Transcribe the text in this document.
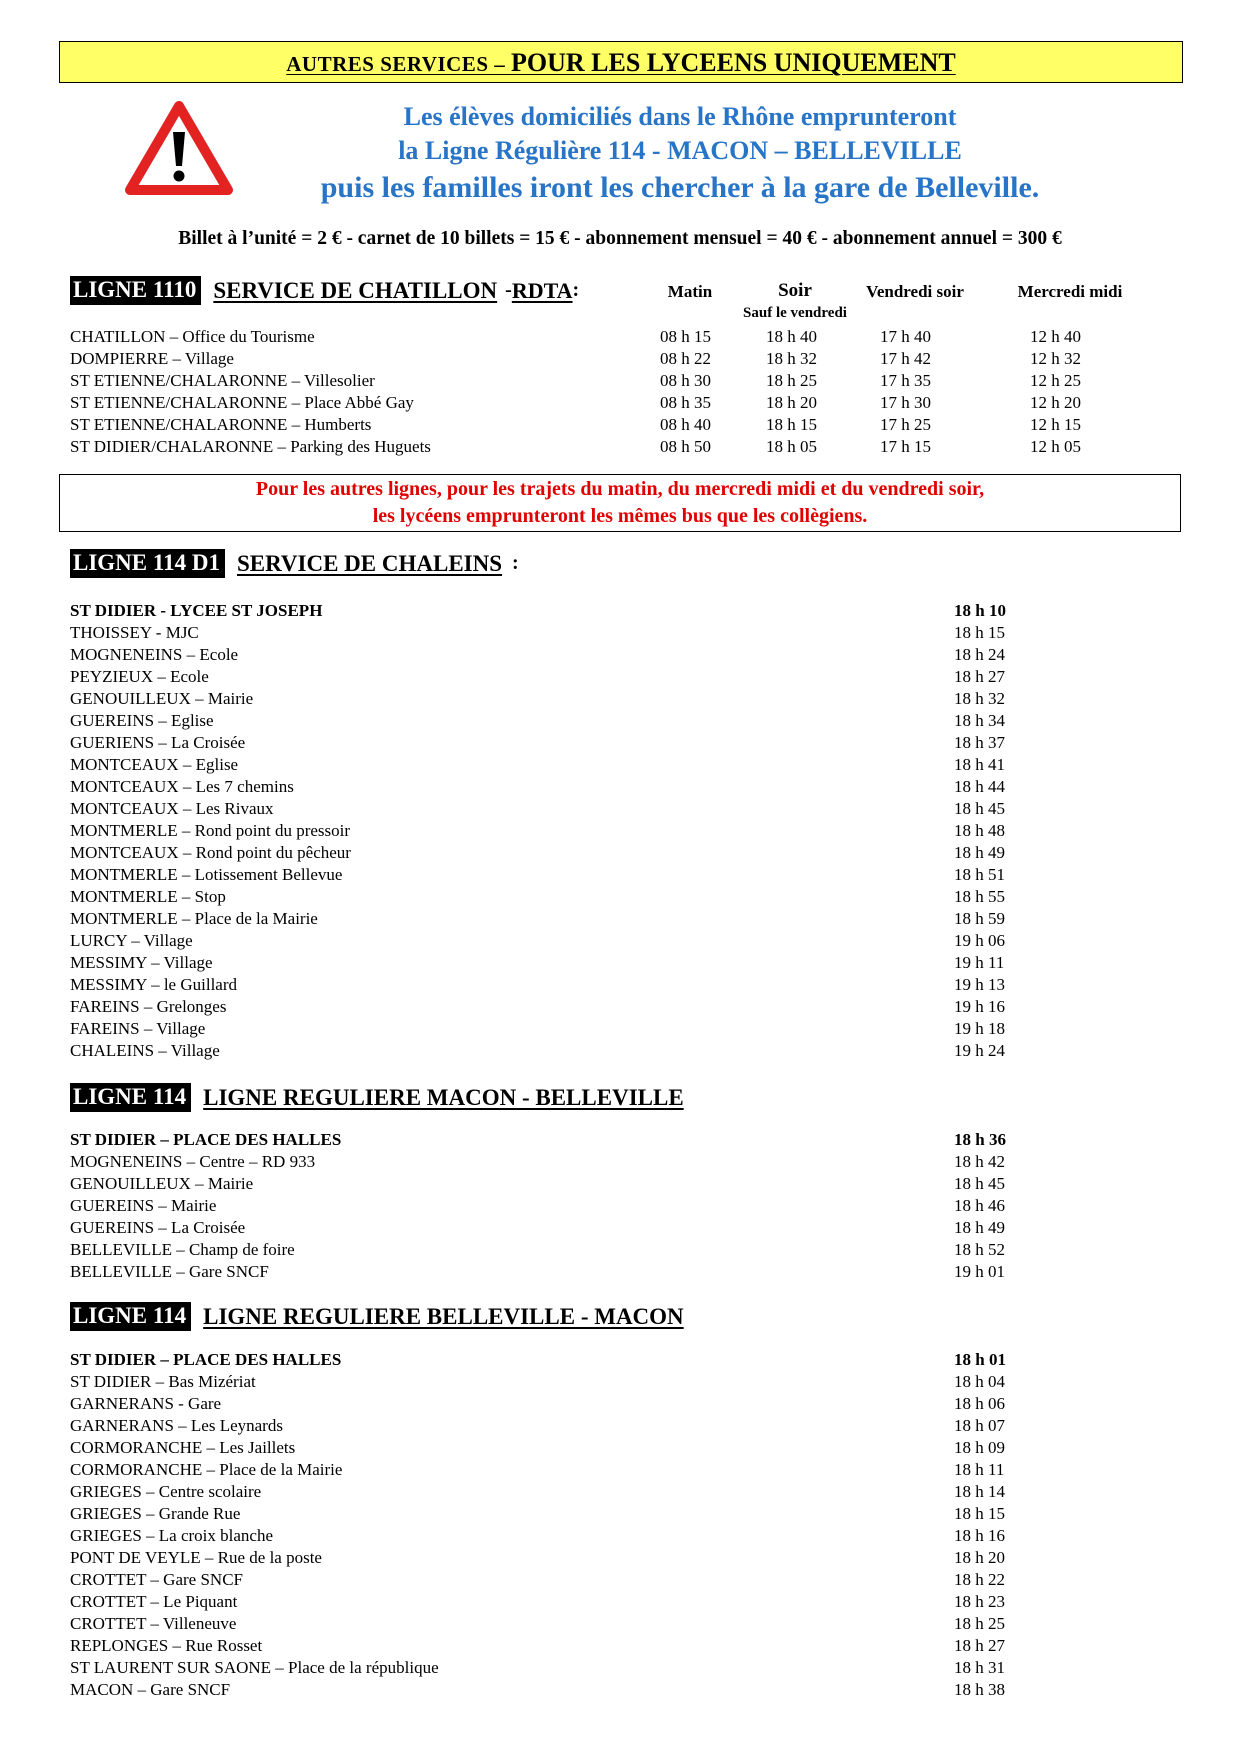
AUTRES SERVICES – POUR LES LYCEENS UNIQUEMENT
Les élèves domiciliés dans le Rhône emprunteront
la Ligne Régulière 114 - MACON – BELLEVILLE
puis les familles iront les chercher à la gare de Belleville.
Billet à l’unité = 2 € - carnet de 10 billets = 15 € - abonnement mensuel = 40 € - abonnement annuel = 300 €
LIGNE 1110 SERVICE DE CHATILLON - RDTA :	Matin	Soir
Sauf le vendredi
Vendredi soir	Mercredi midi
CHATILLON – Office du Tourisme	08 h 15	18 h 40	17 h 40	12 h 40
DOMPIERRE – Village	08 h 22	18 h 32	17 h 42	12 h 32
ST ETIENNE/CHALARONNE – Villesolier	08 h 30	18 h 25	17 h 35	12 h 25
ST ETIENNE/CHALARONNE – Place Abbé Gay	08 h 35	18 h 20	17 h 30	12 h 20
ST ETIENNE/CHALARONNE – Humberts	08 h 40	18 h 15	17 h 25	12 h 15
ST DIDIER/CHALARONNE – Parking des Huguets	08 h 50	18 h 05	17 h 15	12 h 05
Pour les autres lignes, pour les trajets du matin, du mercredi midi et du vendredi soir,
les lycéens emprunteront les mêmes bus que les collègiens.
LIGNE 114 D1 SERVICE DE CHALEINS :
ST DIDIER - LYCEE ST JOSEPH	18 h 10
THOISSEY - MJC	18 h 15
MOGNENEINS – Ecole	18 h 24
PEYZIEUX – Ecole	18 h 27
GENOUILLEUX – Mairie	18 h 32
GUEREINS – Eglise	18 h 34
GUERIENS – La Croisée	18 h 37
MONTCEAUX – Eglise	18 h 41
MONTCEAUX – Les 7 chemins	18 h 44
MONTCEAUX – Les Rivaux	18 h 45
MONTMERLE – Rond point du pressoir	18 h 48
MONTCEAUX – Rond point du pêcheur	18 h 49
MONTMERLE – Lotissement Bellevue	18 h 51
MONTMERLE – Stop	18 h 55
MONTMERLE – Place de la Mairie	18 h 59
LURCY – Village	19 h 06
MESSIMY – Village	19 h 11
MESSIMY – le Guillard	19 h 13
FAREINS – Grelonges	19 h 16
FAREINS – Village	19 h 18
CHALEINS – Village	19 h 24
LIGNE 114 LIGNE REGULIERE MACON - BELLEVILLE
ST DIDIER – PLACE DES HALLES	18 h 36
MOGNENEINS – Centre – RD 933	18 h 42
GENOUILLEUX – Mairie	18 h 45
GUEREINS – Mairie	18 h 46
GUEREINS – La Croisée	18 h 49
BELLEVILLE – Champ de foire	18 h 52
BELLEVILLE – Gare SNCF	19 h 01
LIGNE 114 LIGNE REGULIERE BELLEVILLE - MACON
ST DIDIER – PLACE DES HALLES	18 h 01
ST DIDIER – Bas Mizériat	18 h 04
GARNERANS - Gare	18 h 06
GARNERANS – Les Leynards	18 h 07
CORMORANCHE – Les Jaillets	18 h 09
CORMORANCHE – Place de la Mairie	18 h 11
GRIEGES – Centre scolaire	18 h 14
GRIEGES – Grande Rue	18 h 15
GRIEGES – La croix blanche	18 h 16
PONT DE VEYLE – Rue de la poste	18 h 20
CROTTET – Gare SNCF	18 h 22
CROTTET – Le Piquant	18 h 23
CROTTET – Villeneuve	18 h 25
REPLONGES – Rue Rosset	18 h 27
ST LAURENT SUR SAONE – Place de la république	18 h 31
MACON – Gare SNCF	18 h 38
